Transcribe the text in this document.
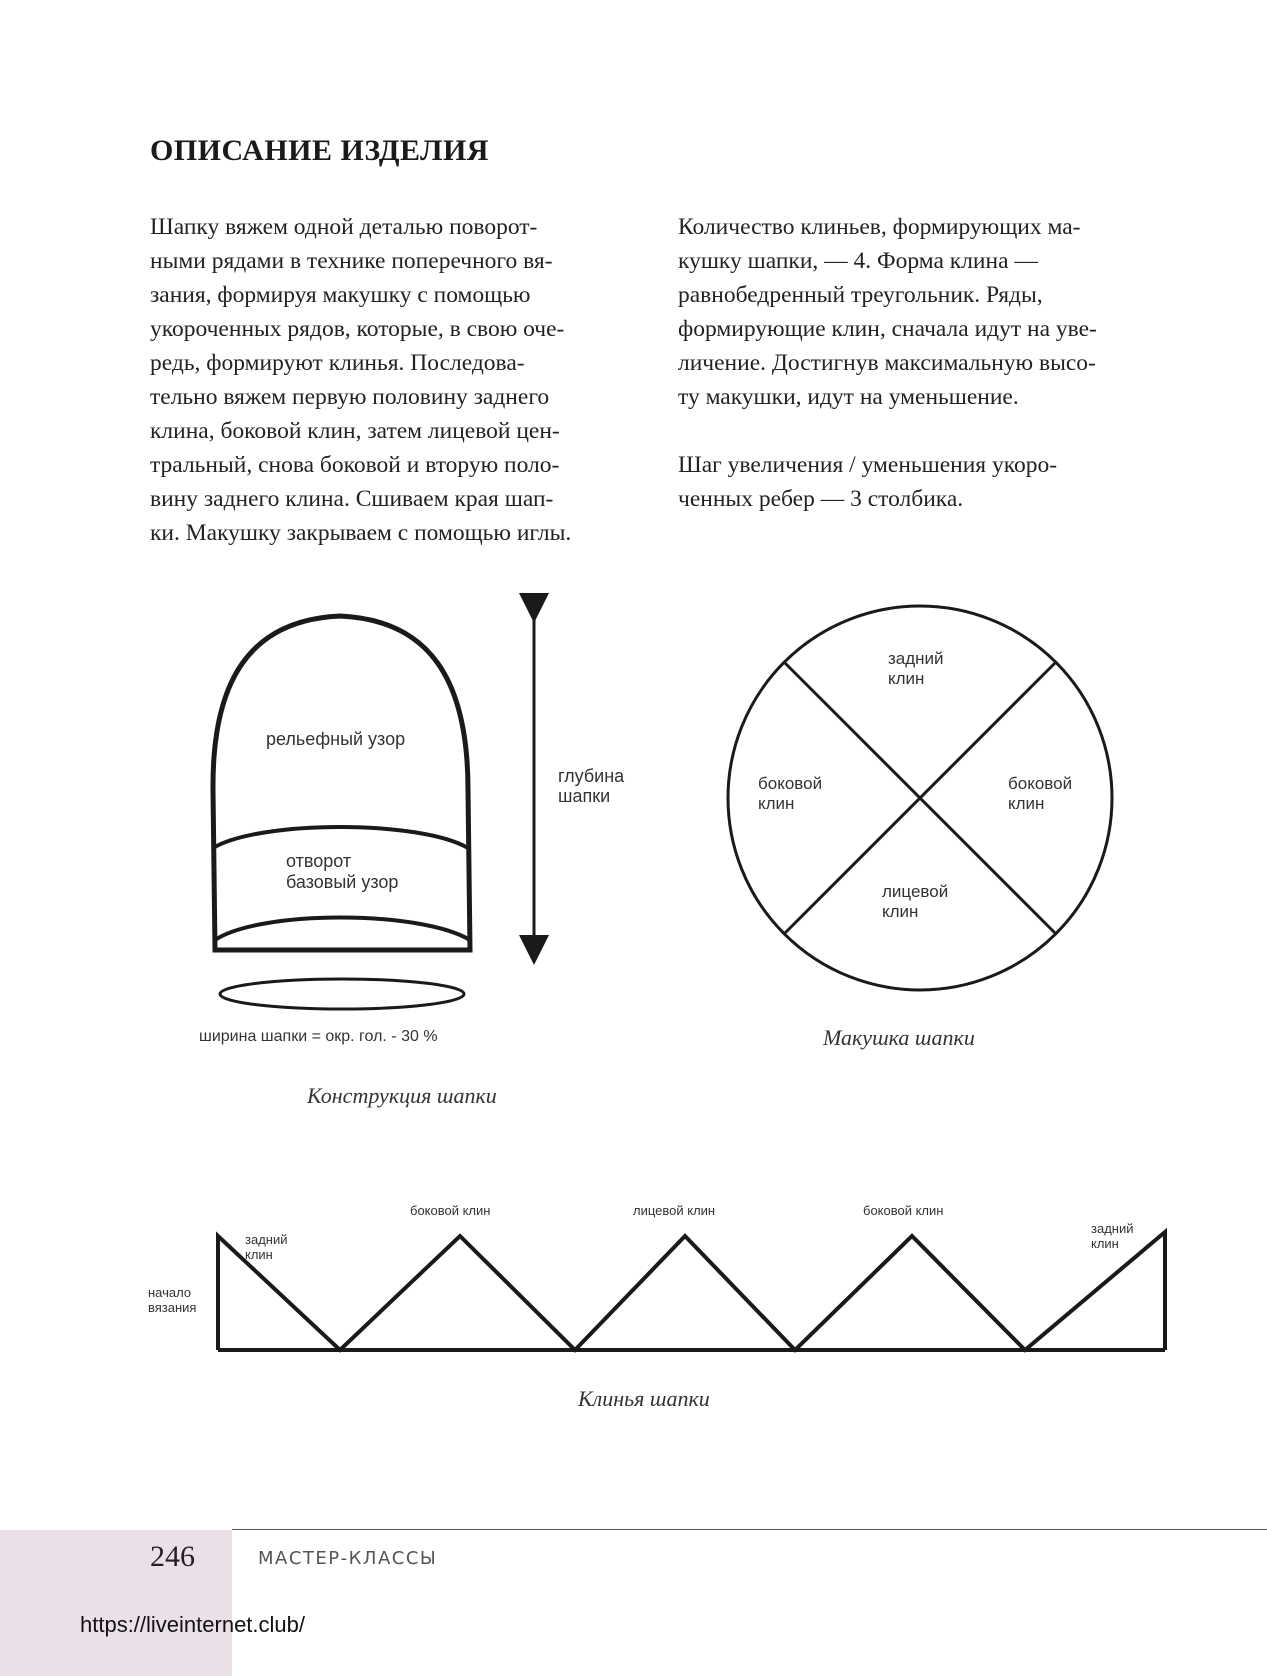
ОПИСАНИЕ ИЗДЕЛИЯ
Шапку вяжем одной деталью поворот-
ными рядами в технике поперечного вя-
зания, формируя макушку с помощью
укороченных рядов, которые, в свою оче-
редь, формируют клинья. Последова-
тельно вяжем первую половину заднего
клина, боковой клин, затем лицевой цен-
тральный, снова боковой и вторую поло-
вину заднего клина. Сшиваем края шап-
ки. Макушку закрываем с помощью иглы.
Количество клиньев, формирующих ма-
кушку шапки, — 4. Форма клина —
равнобедренный треугольник. Ряды,
формирующие клин, сначала идут на уве-
личение. Достигнув максимальную высо-
ту макушки, идут на уменьшение.
Шаг увеличения / уменьшения укоро-
ченных ребер — 3 столбика.
рельефный узор
отворот
базовый узор
глубина
шапки
ширина шапки = окр. гол. - 30 %
Конструкция шапки
задний
клин
боковой
клин
боковой
клин
лицевой
клин
Макушка шапки
начало
вязания
задний
клин
боковой клин	лицевой клин	боковой клин
задний
клин
Клинья шапки
246	МАСТЕР-КЛАССЫ
https://liveinternet.club/
